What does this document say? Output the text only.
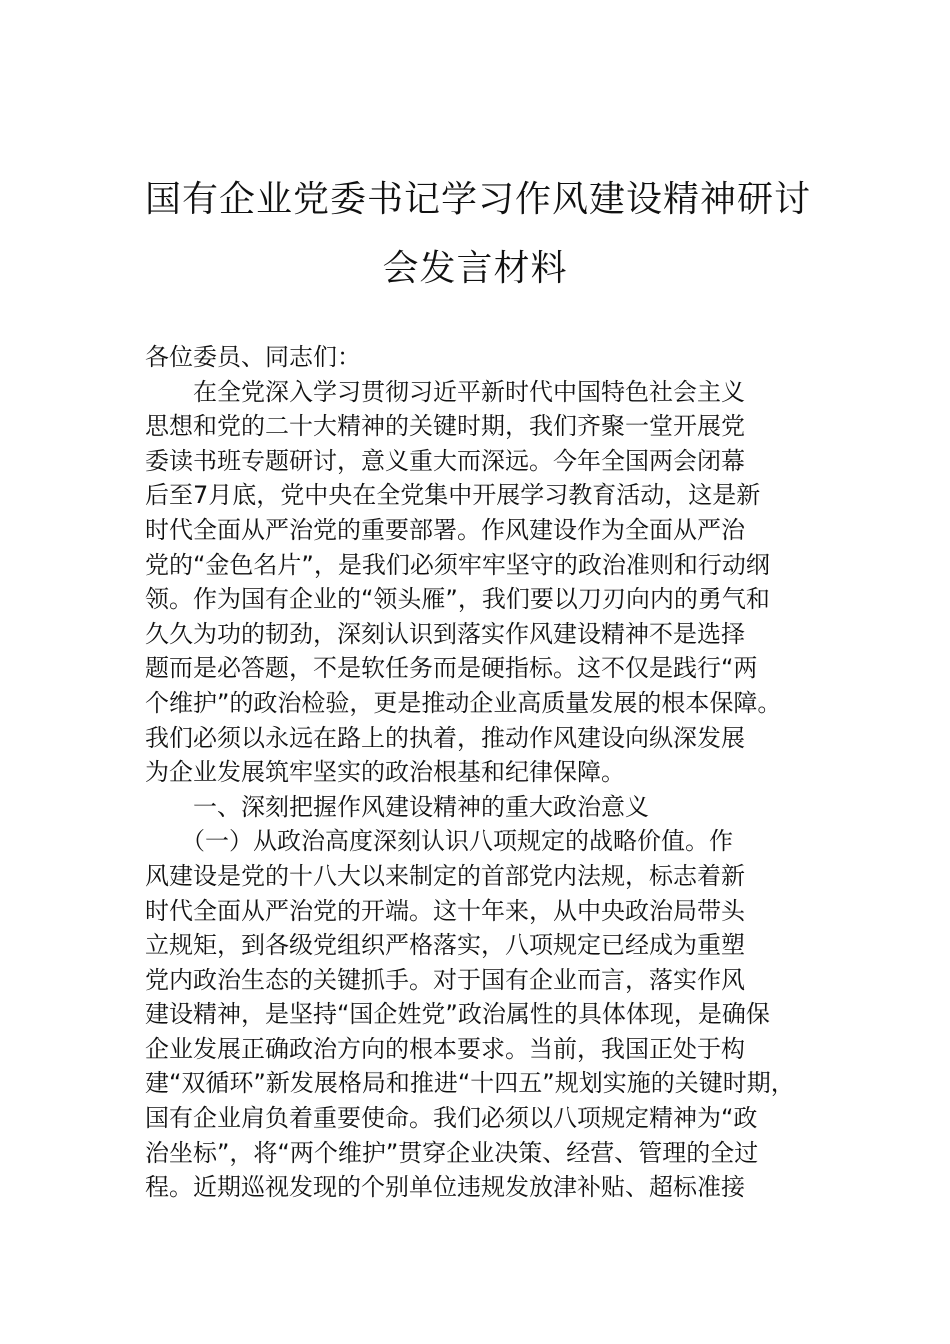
国有企业党委书记学习作风建设精神研讨
会发言材料
各位委员、同志们：
　　在全党深入学习贯彻习近平新时代中国特色社会主义
思想和党的二十大精神的关键时期，我们齐聚一堂开展党
委读书班专题研讨，意义重大而深远。今年全国两会闭幕
后至7月底，党中央在全党集中开展学习教育活动，这是新
时代全面从严治党的重要部署。作风建设作为全面从严治
党的“金色名片”，是我们必须牢牢坚守的政治准则和行动纲
领。作为国有企业的“领头雁”，我们要以刀刃向内的勇气和
久久为功的韧劲，深刻认识到落实作风建设精神不是选择
题而是必答题，不是软任务而是硬指标。这不仅是践行“两
个维护”的政治检验，更是推动企业高质量发展的根本保障。
我们必须以永远在路上的执着，推动作风建设向纵深发展
为企业发展筑牢坚实的政治根基和纪律保障。
　　一、深刻把握作风建设精神的重大政治意义
　　（一）从政治高度深刻认识八项规定的战略价值。作
风建设是党的十八大以来制定的首部党内法规，标志着新
时代全面从严治党的开端。这十年来，从中央政治局带头
立规矩，到各级党组织严格落实，八项规定已经成为重塑
党内政治生态的关键抓手。对于国有企业而言，落实作风
建设精神，是坚持“国企姓党”政治属性的具体体现，是确保
企业发展正确政治方向的根本要求。当前，我国正处于构
建“双循环”新发展格局和推进“十四五”规划实施的关键时期，
国有企业肩负着重要使命。我们必须以八项规定精神为“政
治坐标”，将“两个维护”贯穿企业决策、经营、管理的全过
程。近期巡视发现的个别单位违规发放津补贴、超标准接
